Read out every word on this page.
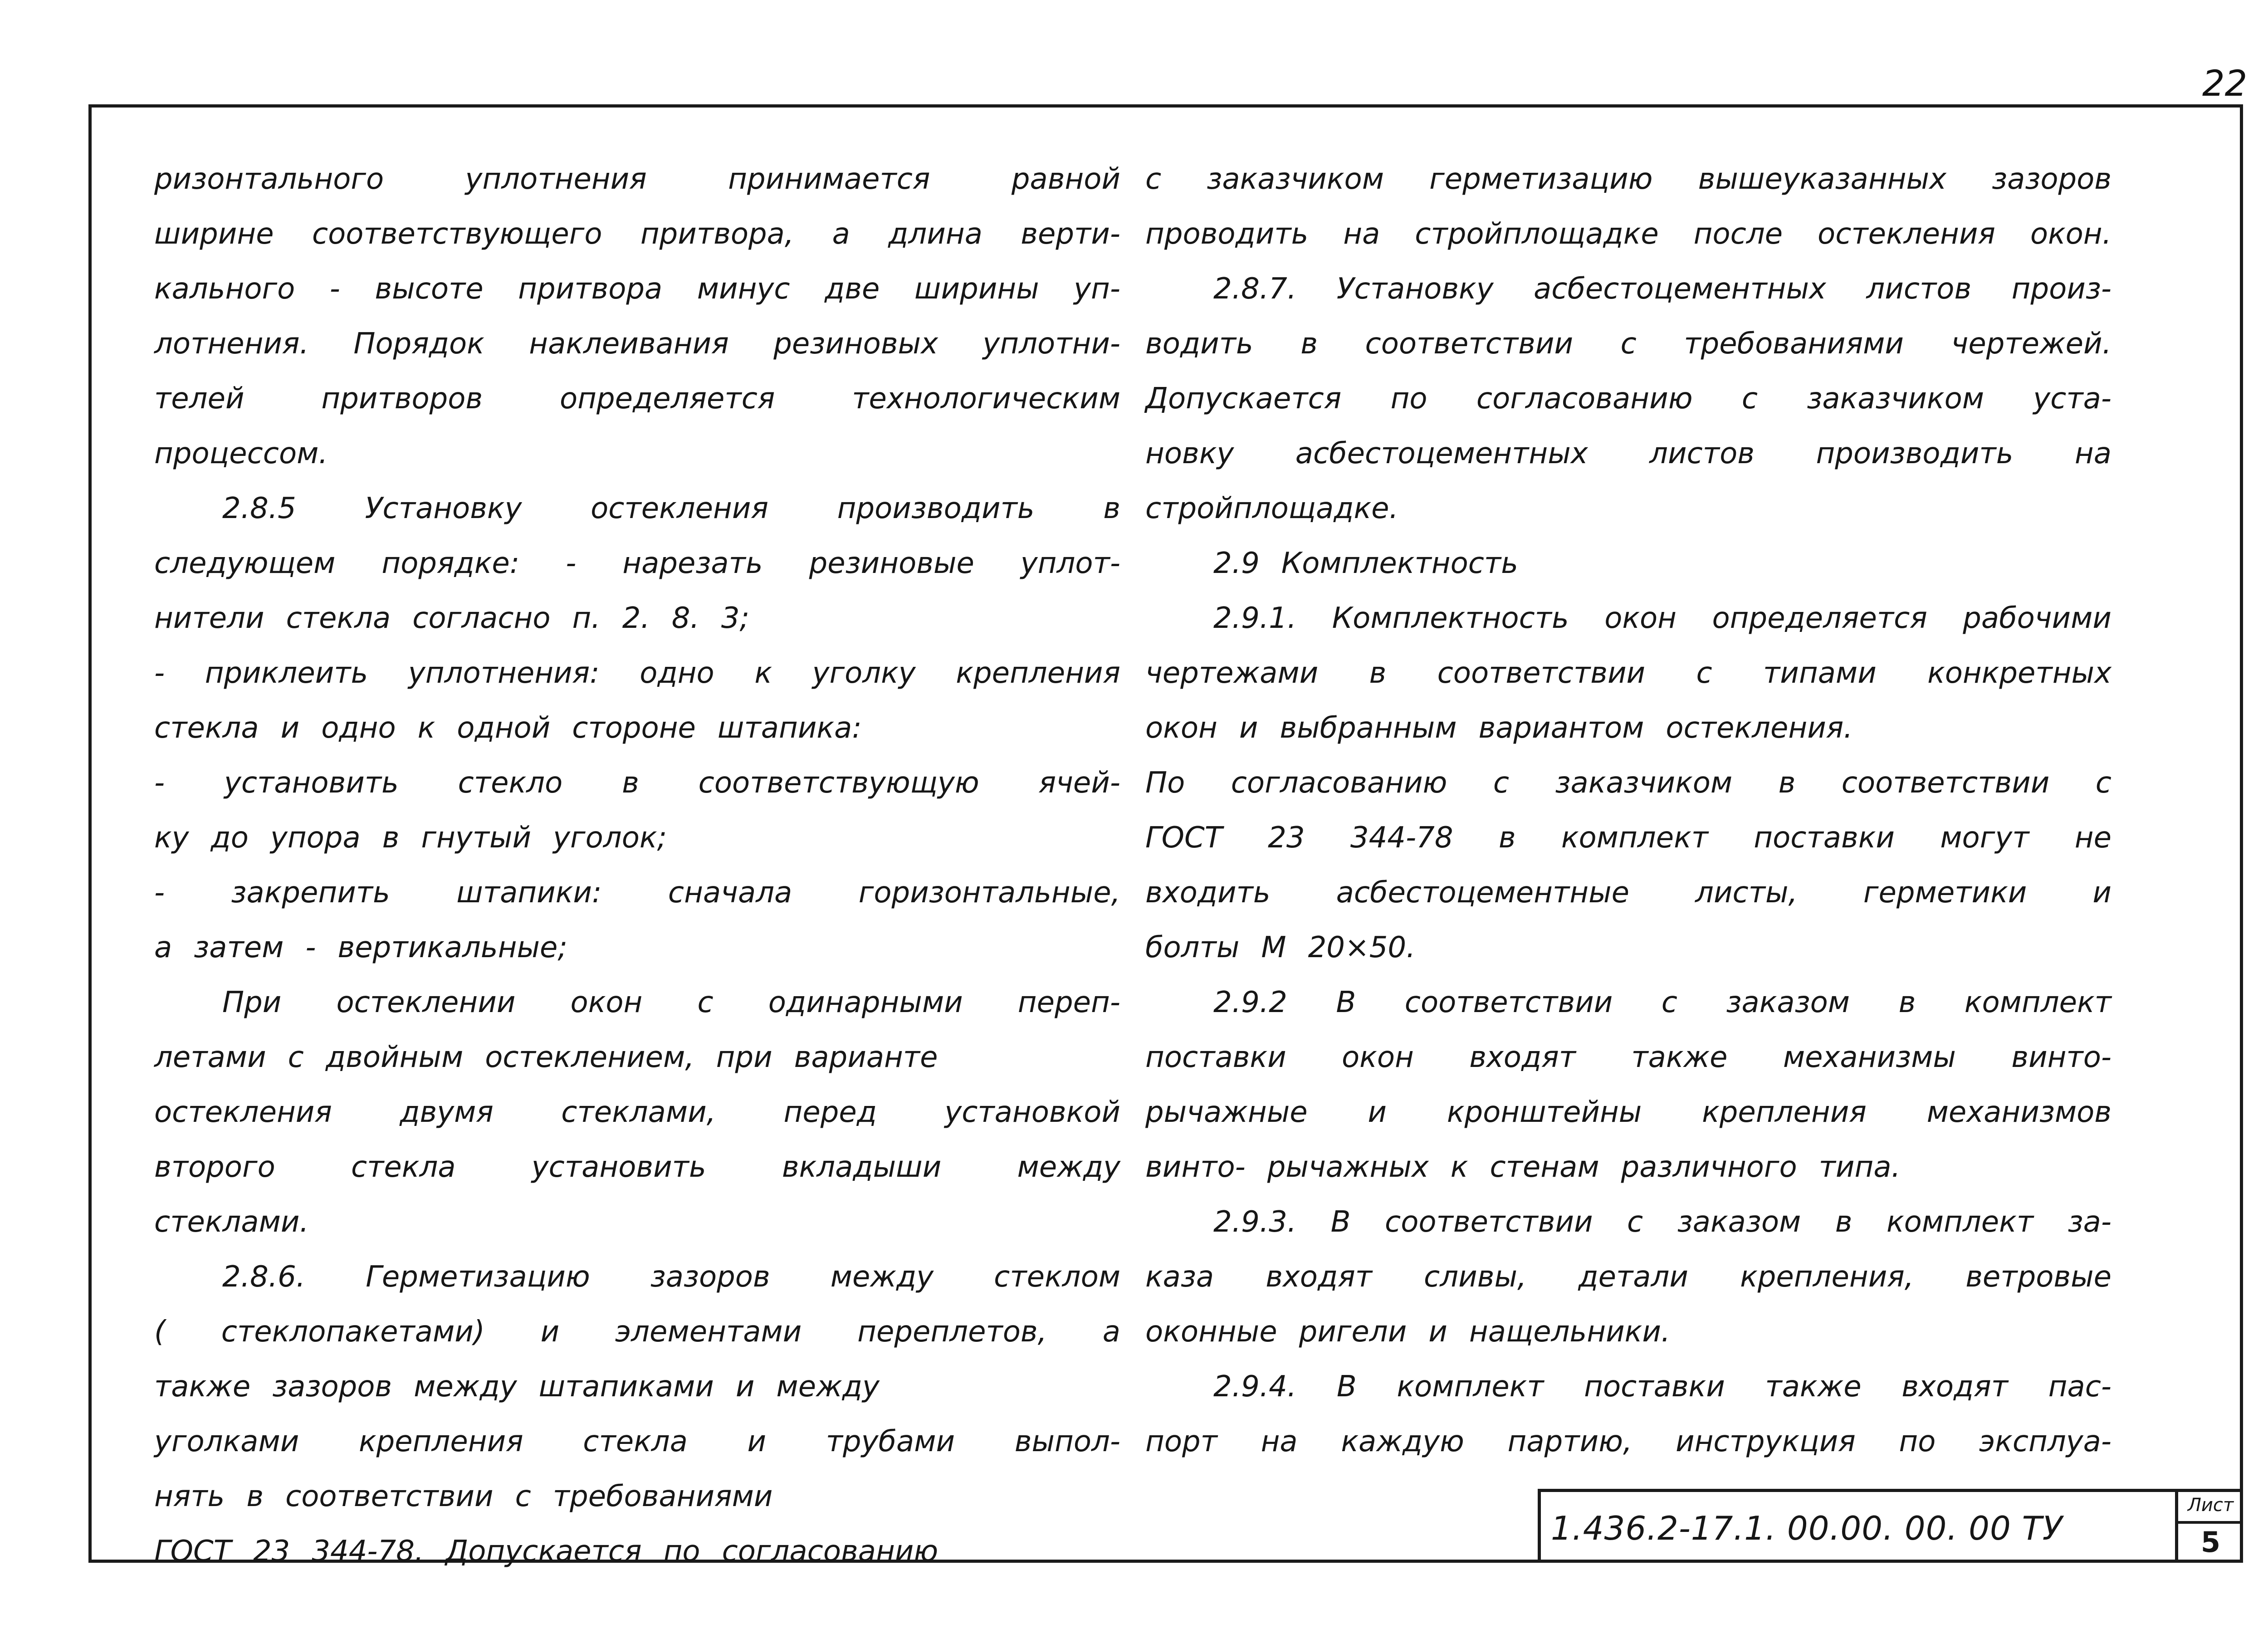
22
ризонтального	уплотнения	принимается	равной
ширине соответствующего притвора, а длина верти-
кального - высоте притвора минус две ширины уп-
лотнения. Порядок наклеивания резиновых уплотни-
телей	притворов	определяется	технологическим
процессом.
2.8.5 Установку остекления производить в
следующем порядке: - нарезать резиновые уплот-
нители стекла согласно п. 2. 8. 3;
- приклеить уплотнения: одно к уголку крепления
стекла и одно к одной стороне штапика:
- установить стекло в соответствующую ячей-
ку до упора в гнутый уголок;
- закрепить штапики: сначала горизонтальные,
а затем - вертикальные;
При остеклении окон с одинарными переп-
летами с двойным остеклением, при варианте
остекления двумя стеклами, перед установкой
второго	стекла	установить	вкладыши	между
стеклами.
2.8.6. Герметизацию зазоров между стеклом
( стеклопакетами) и элементами переплетов, а
также зазоров между штапиками и между
уголками крепления стекла и трубами выпол-
нять в соответствии с требованиями
ГОСТ 23 344-78. Допускается по согласованию
с заказчиком герметизацию вышеуказанных зазоров
проводить на стройплощадке после остекления окон.
2.8.7. Установку асбестоцементных листов произ-
водить в соответствии с требованиями чертежей.
Допускается по согласованию с заказчиком уста-
новку асбестоцементных листов производить на
стройплощадке.
2.9 Комплектность
2.9.1. Комплектность окон определяется рабочими
чертежами в соответствии с типами конкретных
окон и выбранным вариантом остекления.
По согласованию с заказчиком в соответствии с
ГОСТ 23 344-78 в комплект поставки могут не
входить асбестоцементные листы, герметики и
болты М 20×50.
2.9.2 В соответствии с заказом в комплект
поставки окон входят также механизмы винто-
рычажные и кронштейны крепления механизмов
винто- рычажных к стенам различного типа.
2.9.3. В соответствии с заказом в комплект за-
каза входят сливы, детали крепления, ветровые
оконные ригели и нащельники.
2.9.4. В комплект поставки также входят пас-
порт на каждую партию, инструкция по эксплуа-
1.436.2-17.1. 00.00. 00. 00 ТУ
Лист
5
